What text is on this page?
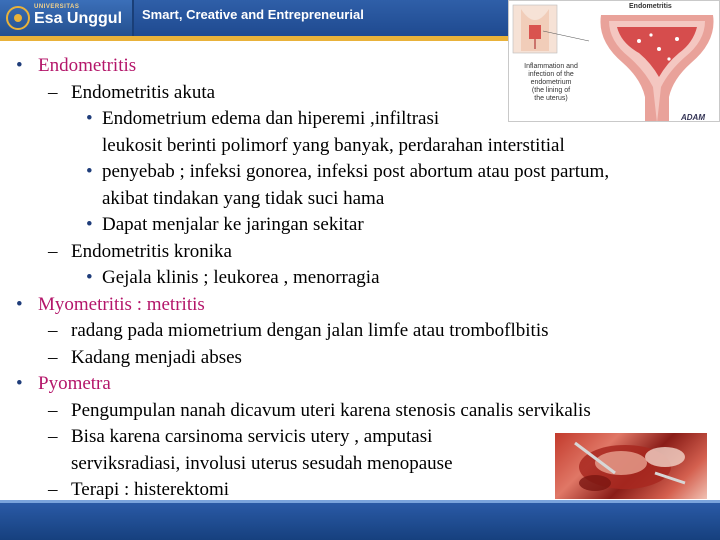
UNIVERSITAS
Esa Unggul Smart, Creative and Entrepreneurial
Endometritis
Inflammation and
infection of the
endometrium
(the lining of
the uterus)
ADAM
• Endometritis
– Endometritis akuta
• Endometrium edema dan hiperemi ,infiltrasi
leukosit berinti polimorf yang banyak, perdarahan interstitial
• penyebab ; infeksi gonorea, infeksi post abortum atau post partum,
akibat tindakan yang tidak suci hama
• Dapat menjalar ke jaringan sekitar
– Endometritis kronika
• Gejala klinis ; leukorea , menorragia
• Myometritis : metritis
– radang pada miometrium dengan jalan limfe atau tromboflbitis
– Kadang menjadi abses
• Pyometra
– Pengumpulan nanah dicavum uteri karena stenosis canalis servikalis
– Bisa karena carsinoma servicis utery , amputasi
serviksradiasi, involusi uterus sesudah menopause
– Terapi : histerektomi
